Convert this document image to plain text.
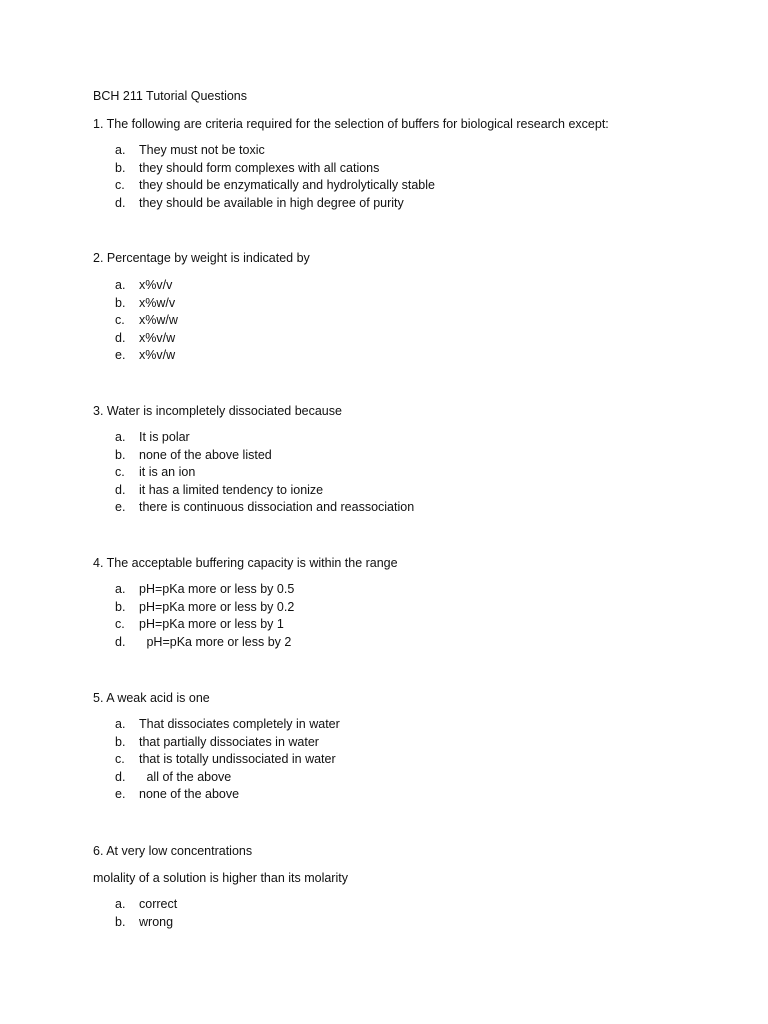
BCH 211 Tutorial Questions

1. The following are criteria required for the selection of buffers for biological research except:

a. They must not be toxic
b. they should form complexes with all cations
c. they should be enzymatically and hydrolytically stable
d. they should be available in high degree of purity

2. Percentage by weight is indicated by

a. x%v/v
b. x%w/v
c. x%w/w
d. x%v/w
e. x%v/w

3. Water is incompletely dissociated because

a. It is polar
b. none of the above listed
c. it is an ion
d. it has a limited tendency to ionize
e. there is continuous dissociation and reassociation

4. The acceptable buffering capacity is within the range

a. pH=pKa more or less by 0.5
b. pH=pKa more or less by 0.2
c. pH=pKa more or less by 1
d. pH=pKa more or less by 2

5. A weak acid is one

a. That dissociates completely in water
b. that partially dissociates in water
c. that is totally undissociated in water
d. all of the above
e. none of the above

6. At very low concentrations

molality of a solution is higher than its molarity

a. correct
b. wrong
